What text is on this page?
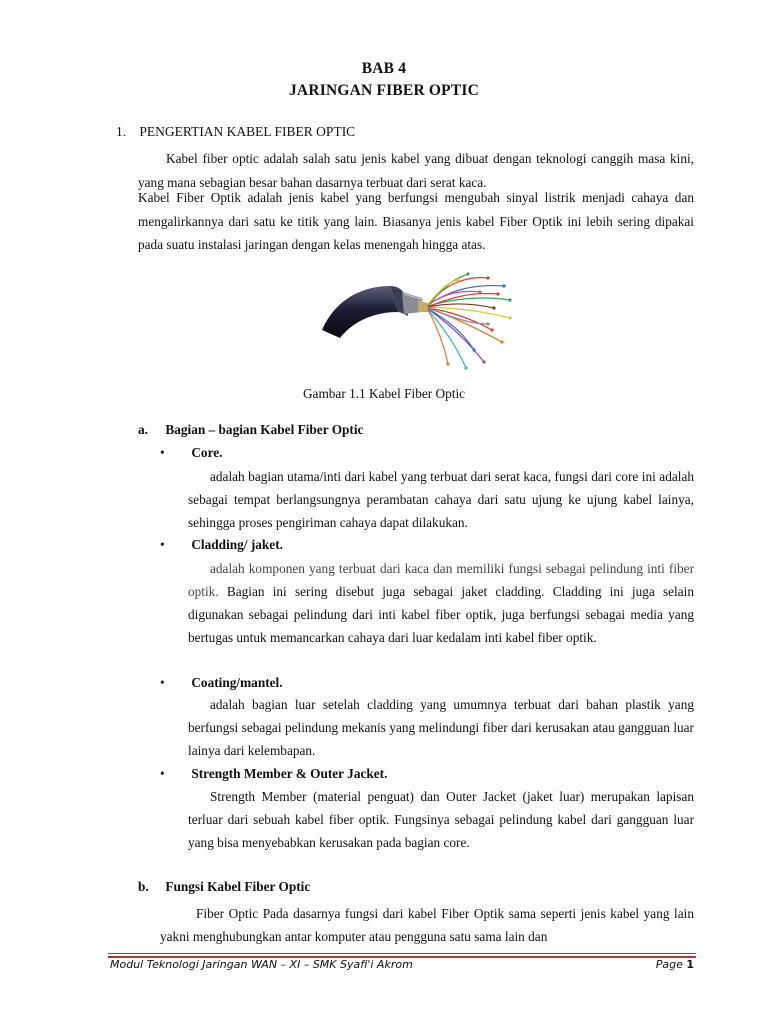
BAB 4
JARINGAN FIBER OPTIC
1. PENGERTIAN KABEL FIBER OPTIC
Kabel fiber optic adalah salah satu jenis kabel yang dibuat dengan teknologi canggih masa kini, yang mana sebagian besar bahan dasarnya terbuat dari serat kaca.
Kabel Fiber Optik adalah jenis kabel yang berfungsi mengubah sinyal listrik menjadi cahaya dan mengalirkannya dari satu ke titik yang lain. Biasanya jenis kabel Fiber Optik ini lebih sering dipakai pada suatu instalasi jaringan dengan kelas menengah hingga atas.
Gambar 1.1 Kabel Fiber Optic
a. Bagian – bagian Kabel Fiber Optic
• Core.
adalah bagian utama/inti dari kabel yang terbuat dari serat kaca, fungsi dari core ini adalah sebagai tempat berlangsungnya perambatan cahaya dari satu ujung ke ujung kabel lainya, sehingga proses pengiriman cahaya dapat dilakukan.
• Cladding/ jaket.
adalah komponen yang terbuat dari kaca dan memiliki fungsi sebagai pelindung inti fiber optik. Bagian ini sering disebut juga sebagai jaket cladding. Cladding ini juga selain digunakan sebagai pelindung dari inti kabel fiber optik, juga berfungsi sebagai media yang bertugas untuk memancarkan cahaya dari luar kedalam inti kabel fiber optik.
• Coating/mantel.
adalah bagian luar setelah cladding yang umumnya terbuat dari bahan plastik yang berfungsi sebagai pelindung mekanis yang melindungi fiber dari kerusakan atau gangguan luar lainya dari kelembapan.
• Strength Member & Outer Jacket.
Strength Member (material penguat) dan Outer Jacket (jaket luar) merupakan lapisan terluar dari sebuah kabel fiber optik. Fungsinya sebagai pelindung kabel dari gangguan luar yang bisa menyebabkan kerusakan pada bagian core.
b. Fungsi Kabel Fiber Optic
Fiber Optic Pada dasarnya fungsi dari kabel Fiber Optik sama seperti jenis kabel yang lain yakni menghubungkan antar komputer atau pengguna satu sama lain dan
Modul Teknologi Jaringan WAN – XI – SMK Syafi'i Akrom	Page 1
